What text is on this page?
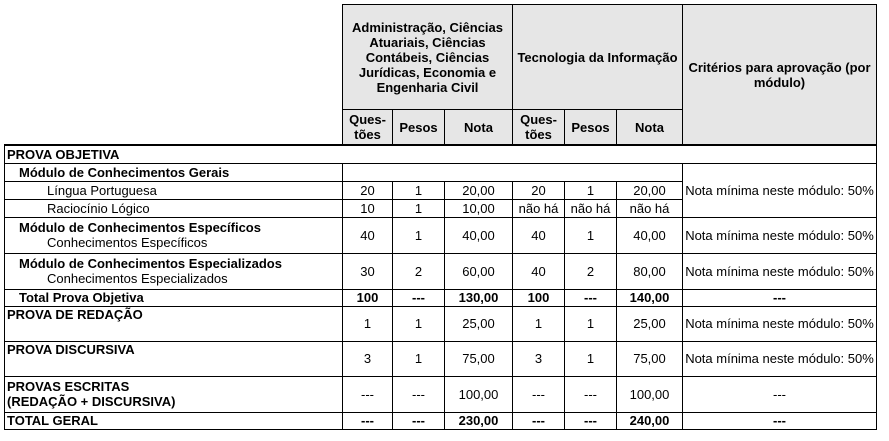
	Administração, Ciências Atuariais, Ciências Contábeis, Ciências Jurídicas, Economia e Engenharia Civil			Tecnologia da Informação			Critérios para aprovação (por módulo)
	Ques-tões	Pesos	Nota	Ques-tões	Pesos	Nota	
PROVA OBJETIVA							
Módulo de Conhecimentos Gerais							Nota mínima neste módulo: 50%
Língua Portuguesa	20	1	20,00	20	1	20,00	
Raciocínio Lógico	10	1	10,00	não há	não há	não há	

Módulo de Conhecimentos Específicos
Conhecimentos Específicos	40	1	40,00	40	1	40,00	Nota mínima neste módulo: 50%

Módulo de Conhecimentos Especializados
Conhecimentos Especializados	30	2	60,00	40	2	80,00	Nota mínima neste módulo: 50%
Total Prova Objetiva	100	---	130,00	100	---	140,00	---
PROVA DE REDAÇÃO	1	1	25,00	1	1	25,00	Nota mínima neste módulo: 50%
PROVA DISCURSIVA	3	1	75,00	3	1	75,00	Nota mínima neste módulo: 50%

PROVAS ESCRITAS
(REDAÇÃO + DISCURSIVA)	---	---	100,00	---	---	100,00	---
TOTAL GERAL	---	---	230,00	---	---	240,00	---
